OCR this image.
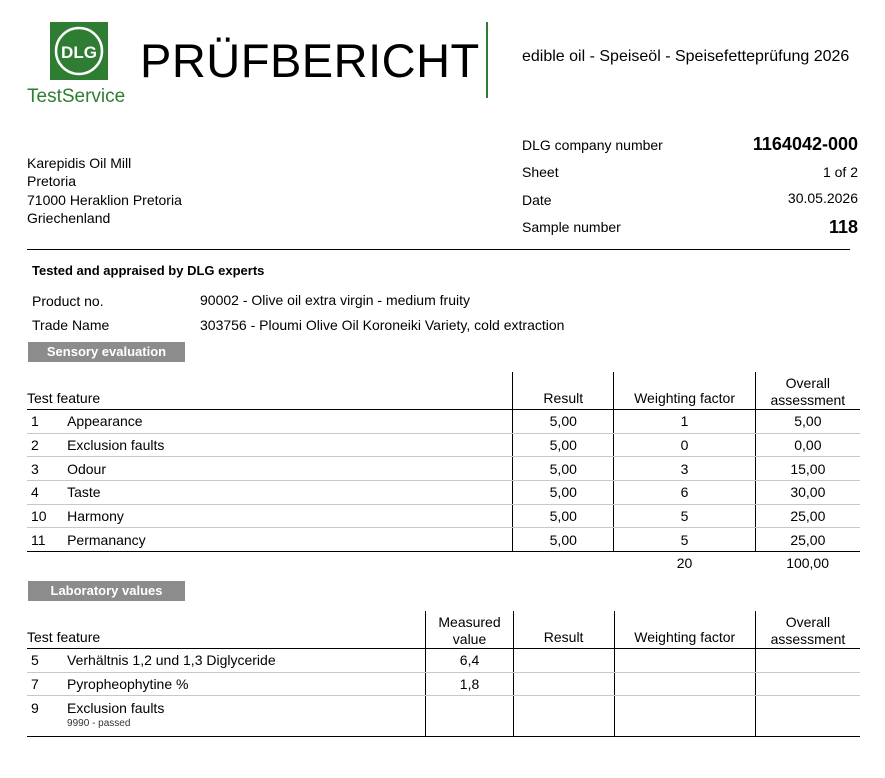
DLG
TestService
PRÜFBERICHT	edible oil - Speiseöl - Speisefetteprüfung 2026
DLG company number	1164042-000
Sheet	1 of 2
Date	30.05.2026
Sample number	118
Karepidis Oil Mill
Pretoria
71000 Heraklion Pretoria
Griechenland
Tested and appraised by DLG experts
Product no.	90002 - Olive oil extra virgin - medium fruity
Trade Name	303756 - Ploumi Olive Oil Koroneiki Variety, cold extraction
Sensory evaluation
Test feature		Result	Weighting factor	Overall assessment
1	Appearance	5,00	1	5,00
2	Exclusion faults	5,00	0	0,00
3	Odour	5,00	3	15,00
4	Taste	5,00	6	30,00
10	Harmony	5,00	5	25,00
11	Permanancy	5,00	5	25,00
			20	100,00
Laboratory values
Test feature		Measured value	Result	Weighting factor	Overall assessment
5	Verhältnis 1,2 und 1,3 Diglyceride	6,4			
7	Pyropheophytine %	1,8			
9	Exclusion faults
9990 - passed				
